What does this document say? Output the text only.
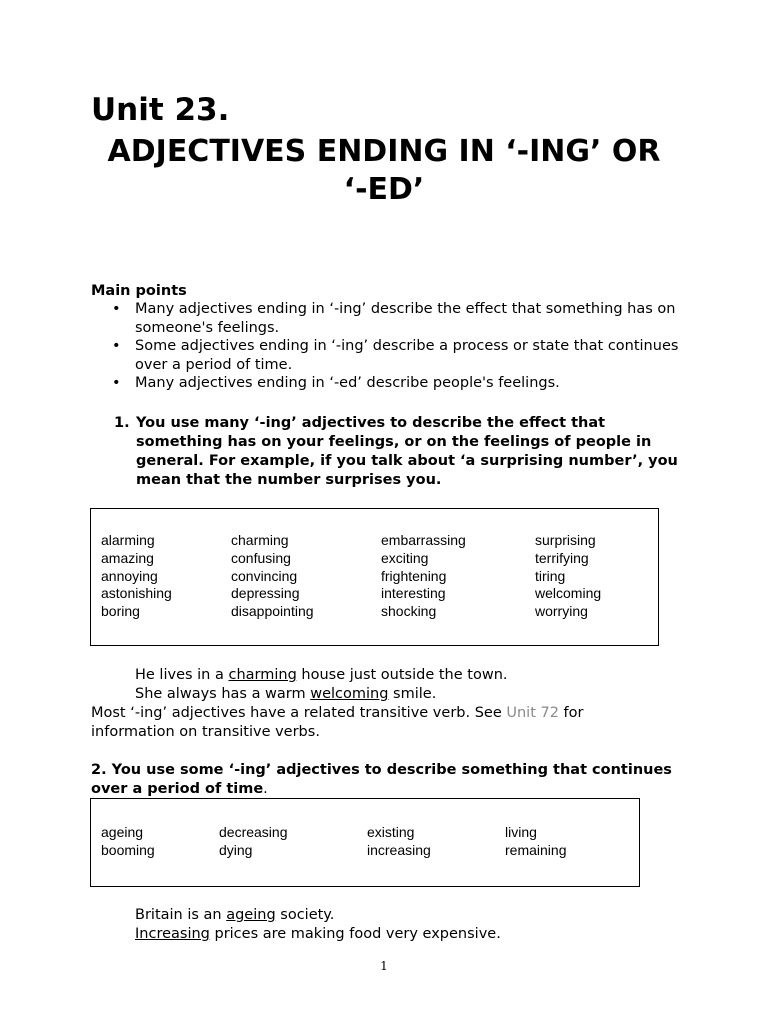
Unit 23.
ADJECTIVES ENDING IN ‘-ING’ OR
‘-ED’
Main points
• Many adjectives ending in ‘-ing’ describe the effect that something has on someone's feelings.
• Some adjectives ending in ‘-ing’ describe a process or state that continues over a period of time.
• Many adjectives ending in ‘-ed’ describe people's feelings.
1. You use many ‘-ing’ adjectives to describe the effect that something has on your feelings, or on the feelings of people in general. For example, if you talk about ‘a surprising number’, you mean that the number surprises you.
alarming
amazing
annoying
astonishing
boring
charming
confusing
convincing
depressing
disappointing
embarrassing
exciting
frightening
interesting
shocking
surprising
terrifying
tiring
welcoming
worrying
He lives in a charming house just outside the town.
She always has a warm welcoming smile.
Most ‘-ing’ adjectives have a related transitive verb. See Unit 72 for information on transitive verbs.
2. You use some ‘-ing’ adjectives to describe something that continues over a period of time.
ageing
booming
decreasing
dying
existing
increasing
living
remaining
Britain is an ageing society.
Increasing prices are making food very expensive.
1
